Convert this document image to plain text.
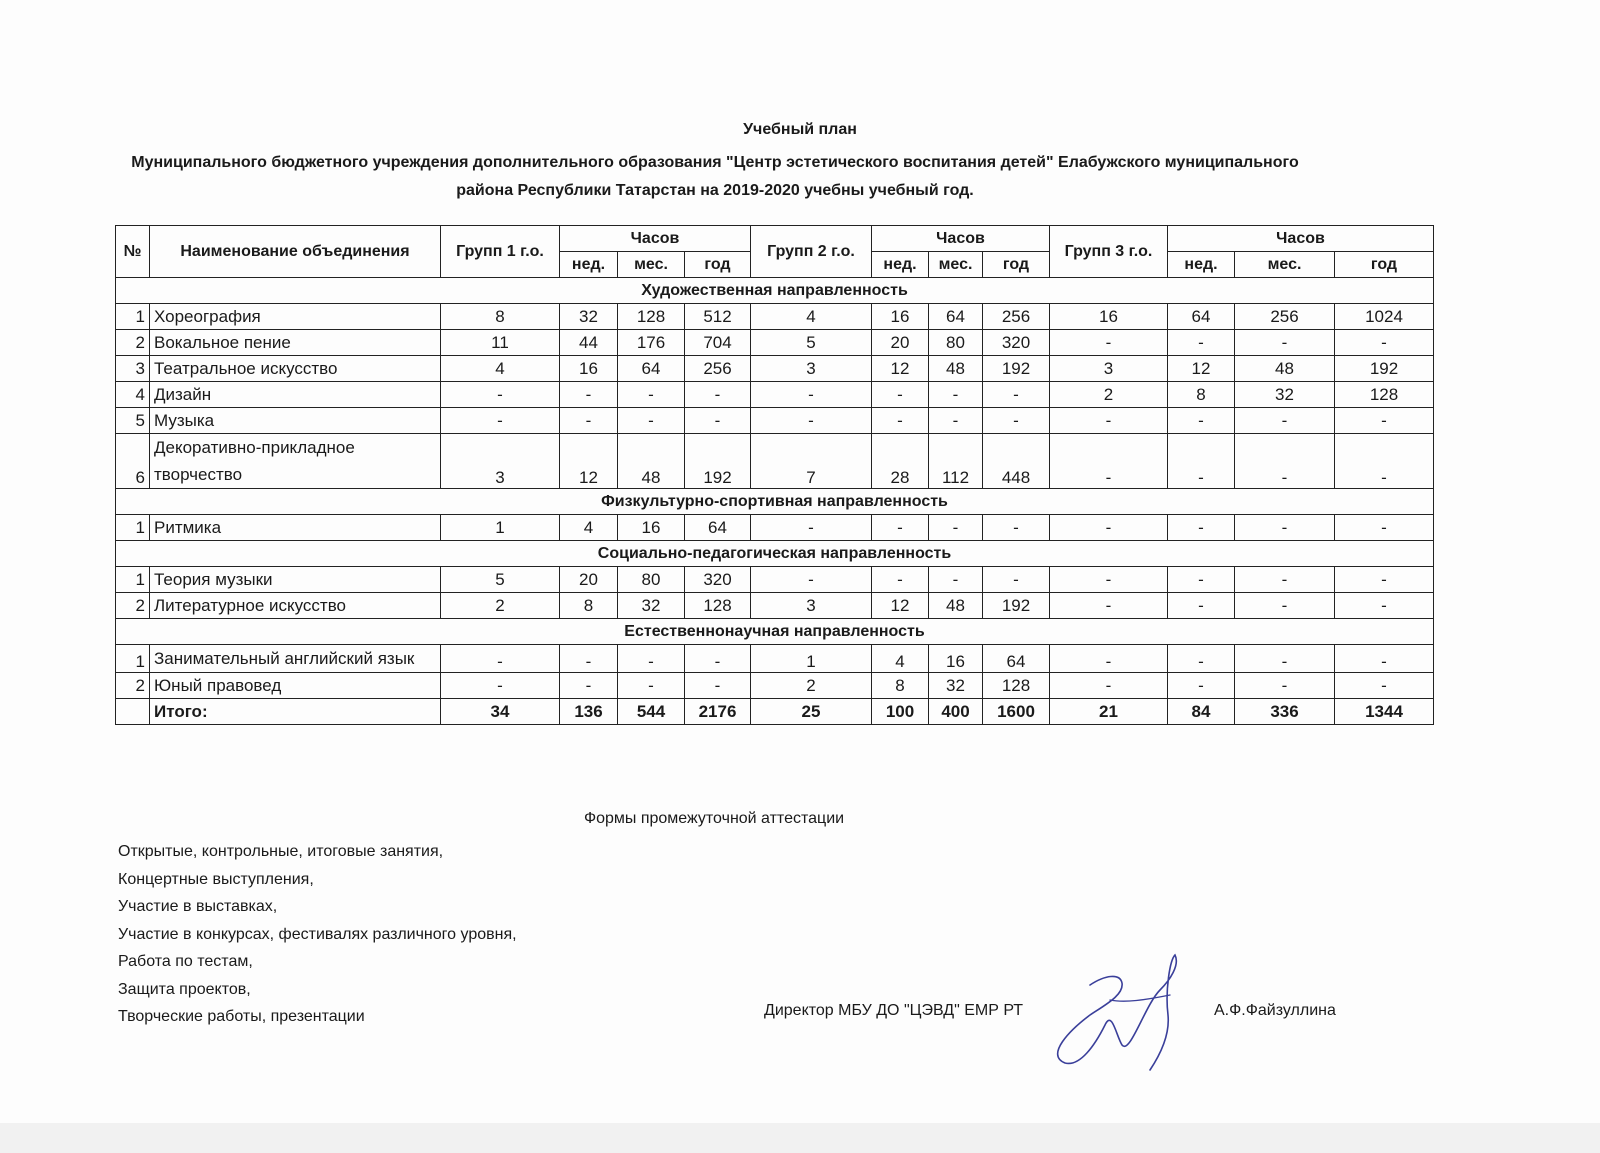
Учебный план
Муниципального бюджетного учреждения дополнительного образования "Центр эстетического воспитания детей" Елабужского муниципального района Республики Татарстан на 2019-2020 учебны учебный год.
№	Наименование объединения	Групп 1 г.о.	Часов			Групп 2 г.о.	Часов			Групп 3 г.о.	Часов		
			нед.	мес.	год		нед.	мес.	год		нед.	мес.	год
Художественная направленность													
1	Хореография	8	32	128	512	4	16	64	256	16	64	256	1024
2	Вокальное пение	11	44	176	704	5	20	80	320	-	-	-	-
3	Театральное искусство	4	16	64	256	3	12	48	192	3	12	48	192
4	Дизайн	-	-	-	-	-	-	-	-	2	8	32	128
5	Музыка	-	-	-	-	-	-	-	-	-	-	-	-
6	Декоративно-прикладное творчество	3	12	48	192	7	28	112	448	-	-	-	-
Физкультурно-спортивная направленность													
1	Ритмика	1	4	16	64	-	-	-	-	-	-	-	-
Социально-педагогическая направленность													
1	Теория музыки	5	20	80	320	-	-	-	-	-	-	-	-
2	Литературное искусство	2	8	32	128	3	12	48	192	-	-	-	-
Естественнонаучная направленность													
1	Занимательный английский язык	-	-	-	-	1	4	16	64	-	-	-	-
2	Юный правовед	-	-	-	-	2	8	32	128	-	-	-	-
	Итого:	34	136	544	2176	25	100	400	1600	21	84	336	1344
Формы промежуточной аттестации
Открытые, контрольные, итоговые занятия,
Концертные выступления,
Участие в выставках,
Участие в конкурсах, фестивалях различного уровня,
Работа по тестам,
Защита проектов,
Творческие работы, презентации	Директор МБУ ДО "ЦЭВД" ЕМР РТ	А.Ф.Файзуллина
